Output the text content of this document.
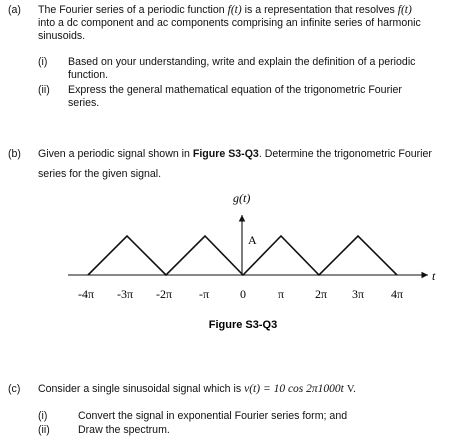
(a) The Fourier series of a periodic function f(t) is a representation that resolves f(t)
into a dc component and ac components comprising an infinite series of harmonic
sinusoids.
(i) Based on your understanding, write and explain the definition of a periodic
function.
(ii) Express the general mathematical equation of the trigonometric Fourier
series.
(b) Given a periodic signal shown in Figure S3-Q3. Determine the trigonometric Fourier
series for the given signal.
g(t)
A
t
-4π -3π -2π -π	0	π	2π 3π 4π
Figure S3-Q3
(c) Consider a single sinusoidal signal which is v(t) = 10 cos 2π1000t V.
(i)	Convert the signal in exponential Fourier series form; and
(ii)	Draw the spectrum.
